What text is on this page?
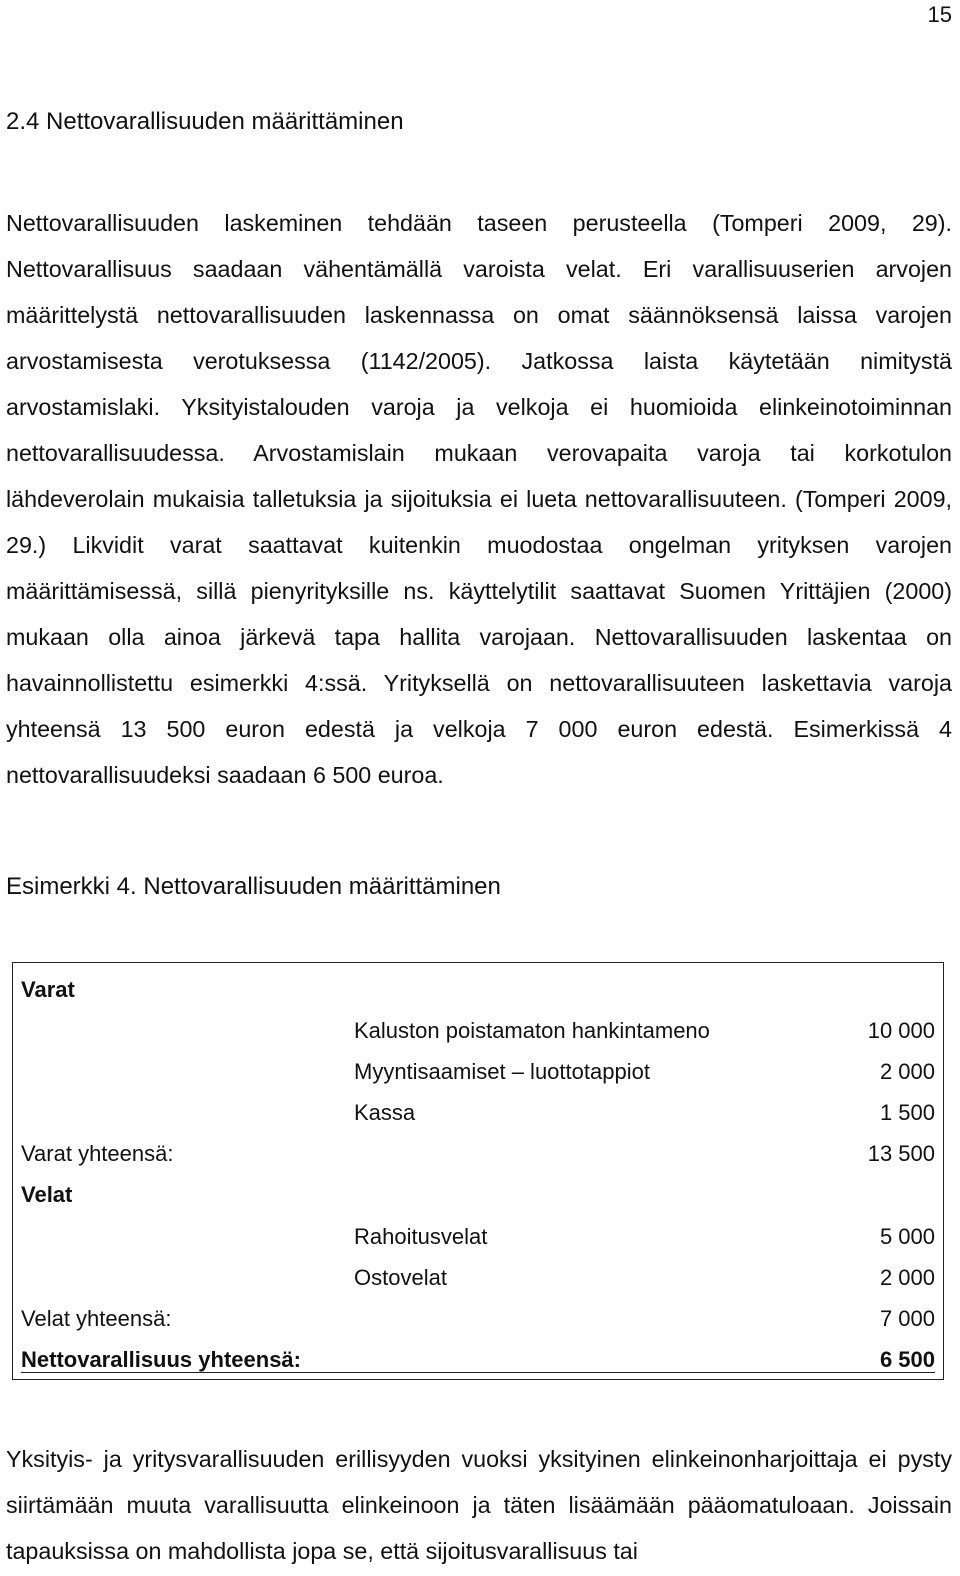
15
2.4 Nettovarallisuuden määrittäminen

Nettovarallisuuden laskeminen tehdään taseen perusteella (Tomperi 2009, 29). Nettovarallisuus saadaan vähentämällä varoista velat. Eri varallisuuserien arvojen määrittelystä nettovarallisuuden laskennassa on omat säännöksensä laissa varojen arvostamisesta verotuksessa (1142/2005). Jatkossa laista käytetään nimitystä arvostamislaki. Yksityistalouden varoja ja velkoja ei huomioida elinkeinotoiminnan nettovarallisuudessa. Arvostamislain mukaan verovapaita varoja tai korkotulon lähdeverolain mukaisia talletuksia ja sijoituksia ei lueta nettovarallisuuteen. (Tomperi 2009, 29.) Likvidit varat saattavat kuitenkin muodostaa ongelman yrityksen varojen määrittämisessä, sillä pienyrityksille ns. käyttelytilit saattavat Suomen Yrittäjien (2000) mukaan olla ainoa järkevä tapa hallita varojaan. Nettovarallisuuden laskentaa on havainnollistettu esimerkki 4:ssä. Yrityksellä on nettovarallisuuteen laskettavia varoja yhteensä 13 500 euron edestä ja velkoja 7 000 euron edestä. Esimerkissä 4 nettovarallisuudeksi saadaan 6 500 euroa.

Esimerkki 4. Nettovarallisuuden määrittäminen

Varat
Kaluston poistamaton hankintameno	10 000
Myyntisaamiset – luottotappiot	2 000
Kassa	1 500
Varat yhteensä:	13 500
Velat
Rahoitusvelat	5 000
Ostovelat	2 000
Velat yhteensä:	7 000
Nettovarallisuus yhteensä:	6 500

Yksityis- ja yritysvarallisuuden erillisyyden vuoksi yksityinen elinkeinonharjoittaja ei pysty siirtämään muuta varallisuutta elinkeinoon ja täten lisäämään pääomatuloaan. Joissain tapauksissa on mahdollista jopa se, että sijoitusvarallisuus tai
